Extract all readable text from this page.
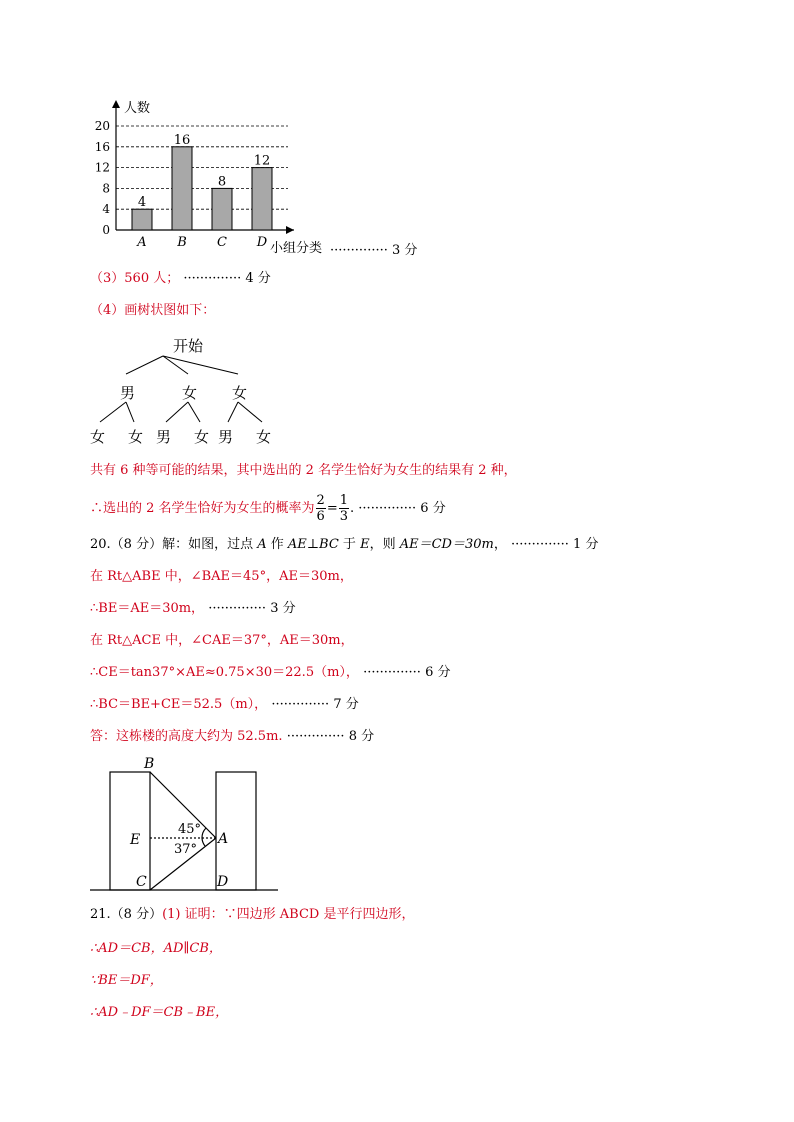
0
4
8
12
16
20
人数
小组分类
4
A
16
B
8
C
12
D
·············· 3 分
（3）560 人； ·············· 4 分
（4）画树状图如下：
开始
男	女 女
女 女 男 女 男 女
共有 6 种等可能的结果，其中选出的 2 名学生恰好为女生的结果有 2 种，
∴选出的 2 名学生恰好为女生的概率为 $\frac{2}{6} = \frac{1}{3}$ . ·············· 6 分
20.（8 分）解：如图，过点 A 作 AE⊥BC 于 E，则 AE＝CD＝30m， ·············· 1 分
在 Rt△ABE 中，∠BAE＝45°，AE＝30m，
∴BE＝AE＝30m， ·············· 3 分
在 Rt△ACE 中，∠CAE＝37°，AE＝30m，
∴CE＝tan37°×AE≈0.75×30＝22.5（m）， ·············· 6 分
∴BC＝BE+CE＝52.5（m）， ·············· 7 分
答：这栋楼的高度大约为 52.5m. ·············· 8 分
B
E
C	D
A
45°
37°
21.（8 分）(1) 证明：∵四边形 ABCD 是平行四边形，
∴AD＝CB，AD∥CB，
∵BE＝DF，
∴AD﹣DF＝CB﹣BE，
